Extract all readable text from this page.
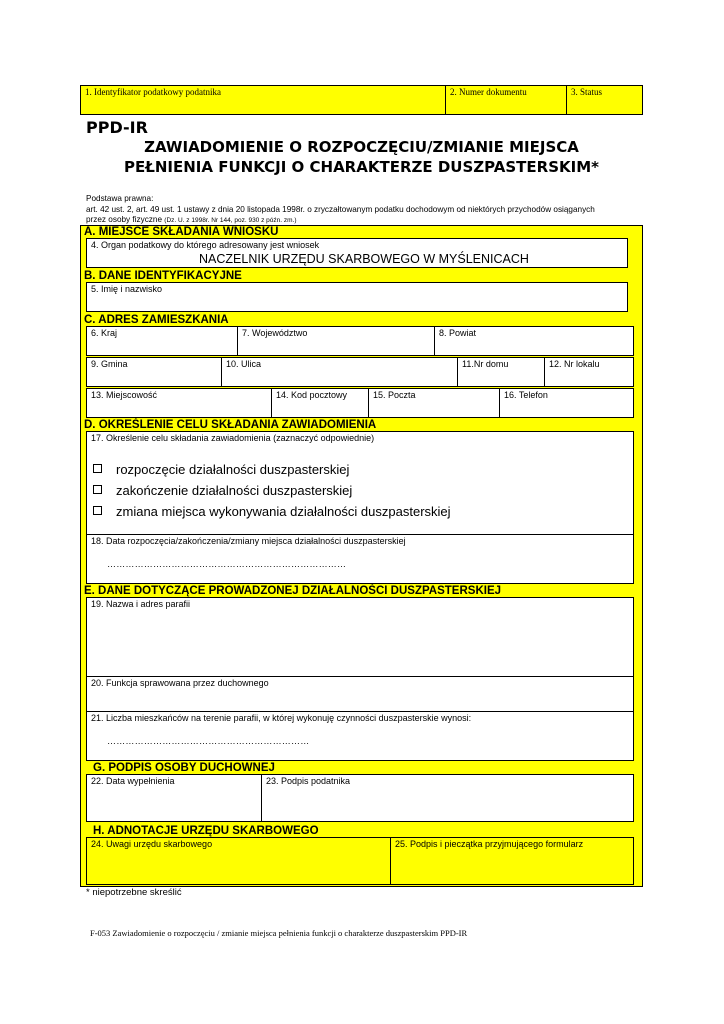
1. Identyfikator podatkowy podatnika	2. Numer dokumentu	3. Status
PPD-IR
ZAWIADOMIENIE O ROZPOCZĘCIU/ZMIANIE MIEJSCA
PEŁNIENIA FUNKCJI O CHARAKTERZE DUSZPASTERSKIM*
Podstawa prawna:
art. 42 ust. 2, art. 49 ust. 1 ustawy z dnia 20 listopada 1998r. o zryczałtowanym podatku dochodowym od niektórych przychodów osiąganych
przez osoby fizyczne (Dz. U. z 1998r. Nr 144, poz. 930 z późn. zm.)
A. MIEJSCE SKŁADANIA WNIOSKU
4. Organ podatkowy do którego adresowany jest wniosek
NACZELNIK URZĘDU SKARBOWEGO W MYŚLENICACH
B. DANE IDENTYFIKACYJNE
5. Imię i nazwisko
C. ADRES ZAMIESZKANIA
6. Kraj	7. Województwo	8. Powiat
9. Gmina	10. Ulica	11.Nr domu	12. Nr lokalu
13. Miejscowość	14. Kod pocztowy	15. Poczta	16. Telefon
D. OKREŚLENIE CELU SKŁADANIA ZAWIADOMIENIA
17. Określenie celu składania zawiadomienia (zaznaczyć odpowiednie)
rozpoczęcie działalności duszpasterskiej
zakończenie działalności duszpasterskiej
zmiana miejsca wykonywania działalności duszpasterskiej
18. Data rozpoczęcia/zakończenia/zmiany miejsca działalności duszpasterskiej
……………………………………………………………………
E. DANE DOTYCZĄCE PROWADZONEJ DZIAŁALNOŚCI DUSZPASTERSKIEJ
19. Nazwa i adres parafii
20. Funkcja sprawowana przez duchownego
21. Liczba mieszkańców na terenie parafii, w której wykonuję czynności duszpasterskie wynosi:
…………………………………………………………
G. PODPIS OSOBY DUCHOWNEJ
22. Data wypełnienia	23. Podpis podatnika
H. ADNOTACJE URZĘDU SKARBOWEGO
24. Uwagi urzędu skarbowego	25. Podpis i pieczątka przyjmującego formularz
* niepotrzebne skreślić
F-053 Zawiadomienie o rozpoczęciu / zmianie miejsca pełnienia funkcji o charakterze duszpasterskim PPD-IR
